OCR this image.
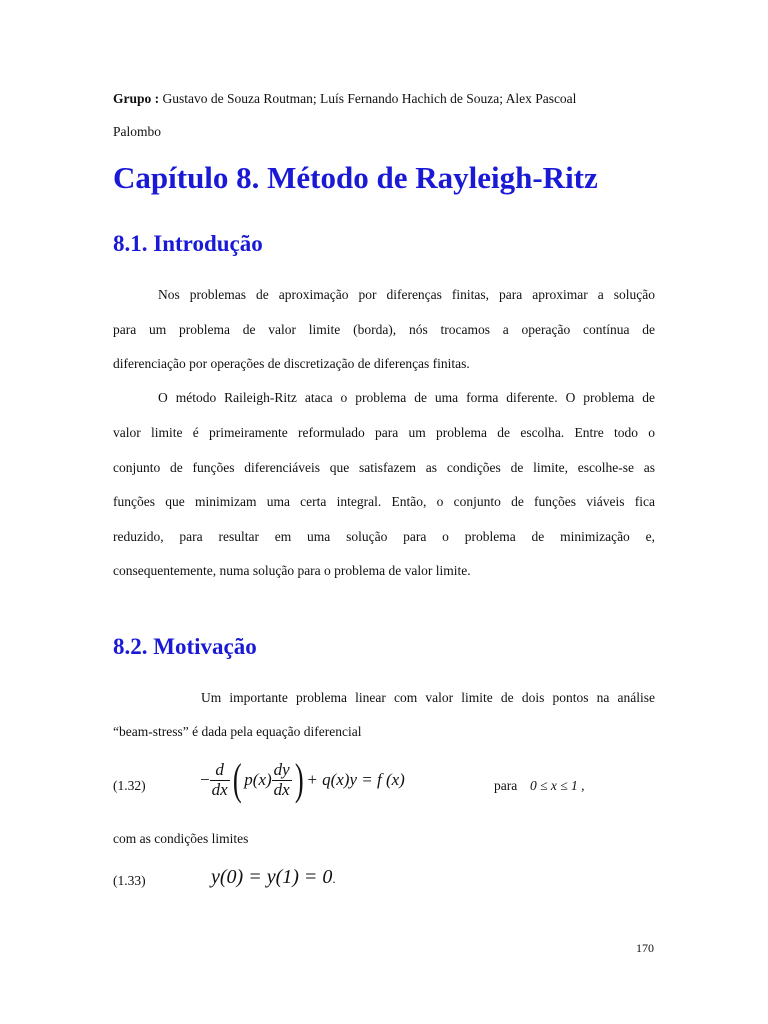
Grupo : Gustavo de Souza Routman; Luís Fernando Hachich de Souza; Alex Pascoal
Palombo
Capítulo 8. Método de Rayleigh-Ritz
8.1. Introdução
Nos problemas de aproximação por diferenças finitas, para aproximar a solução
para um problema de valor limite (borda), nós trocamos a operação contínua de
diferenciação por operações de discretização de diferenças finitas.
O método Raileigh-Ritz ataca o problema de uma forma diferente. O problema de
valor limite é primeiramente reformulado para um problema de escolha. Entre todo o
conjunto de funções diferenciáveis que satisfazem as condições de limite, escolhe-se as
funções que minimizam uma certa integral. Então, o conjunto de funções viáveis fica
reduzido, para resultar em uma solução para o problema de minimização e,
consequentemente, numa solução para o problema de valor limite.
8.2. Motivação
Um importante problema linear com valor limite de dois pontos na análise
“beam-stress” é dada pela equação diferencial
(1.32)	− $\frac{d}{dx}$ ( $p(x) \frac{dy}{dx}$ ) + q(x)y = f (x)	para 0 ≤ x ≤ 1 ,
com as condições limites
(1.33)	y(0) = y(1) = 0.
170
